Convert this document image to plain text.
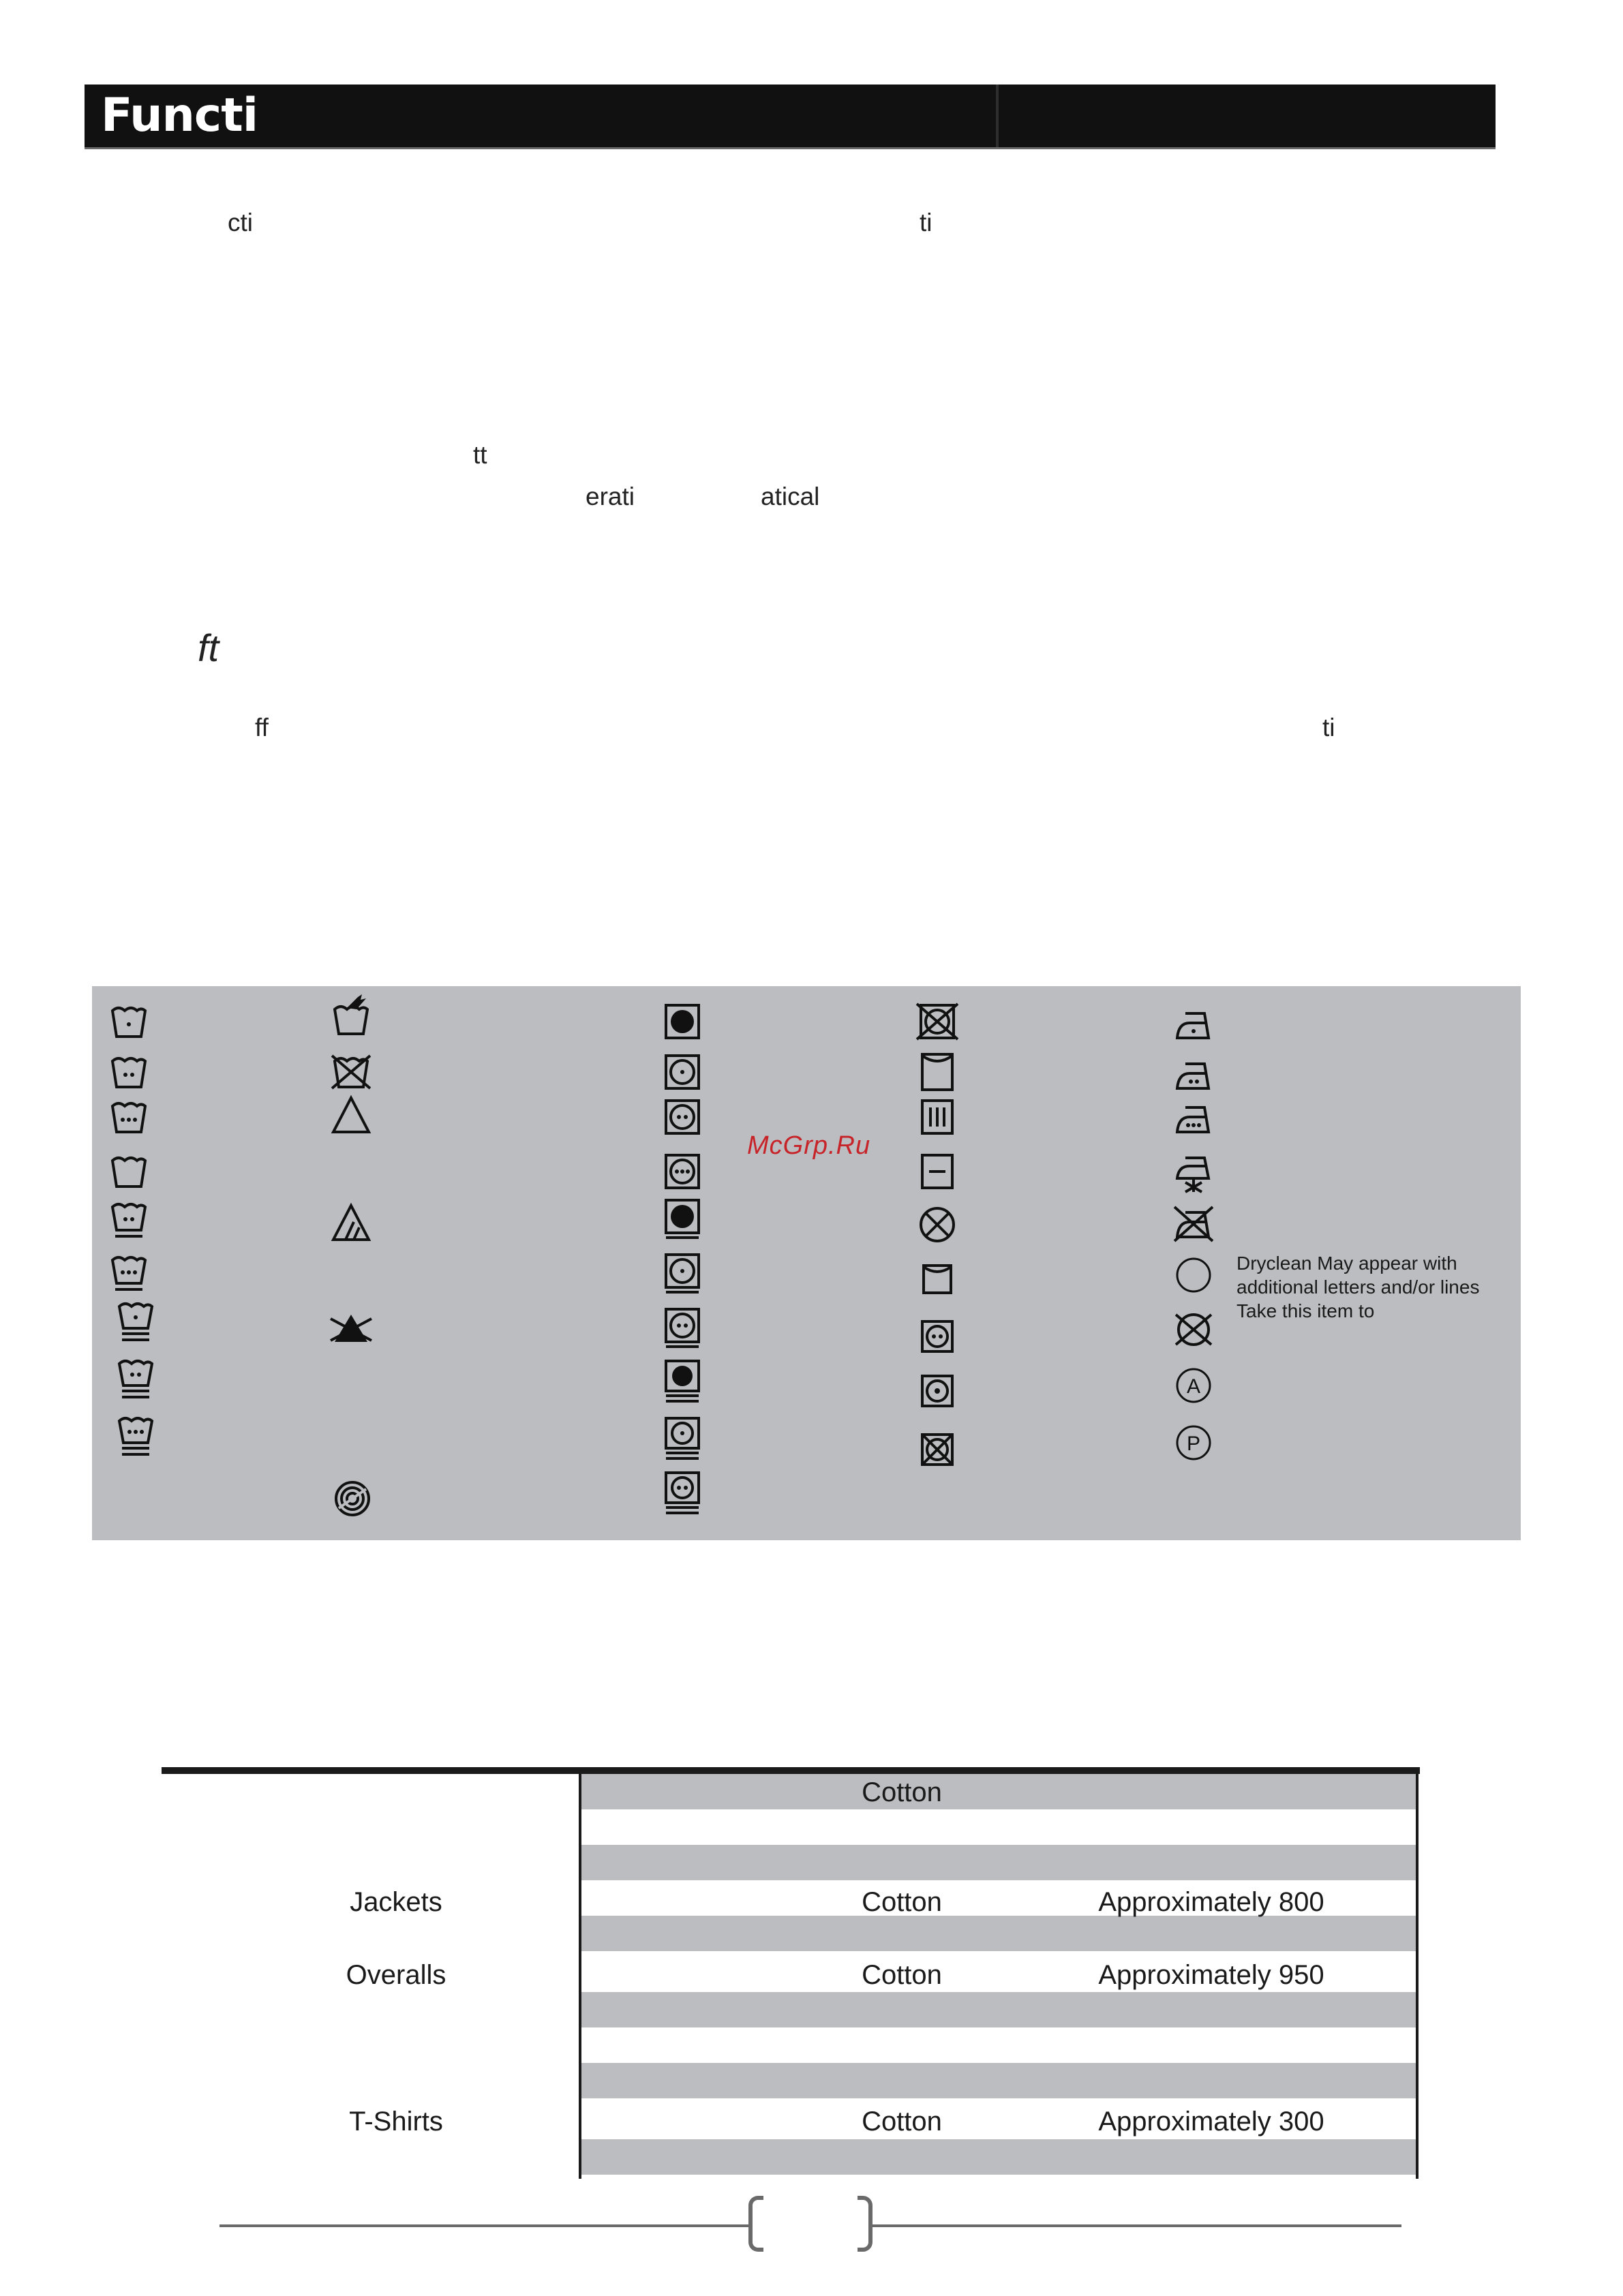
Functi
cti	ti
tt
erati	atical
ft
ff	ti
A
P
McGrp.Ru
Dryclean May appear with additional letters and/or lines Take this item to
Cotton
Jackets	Cotton	Approximately 800
Overalls	Cotton	Approximately 950
T-Shirts	Cotton	Approximately 300
